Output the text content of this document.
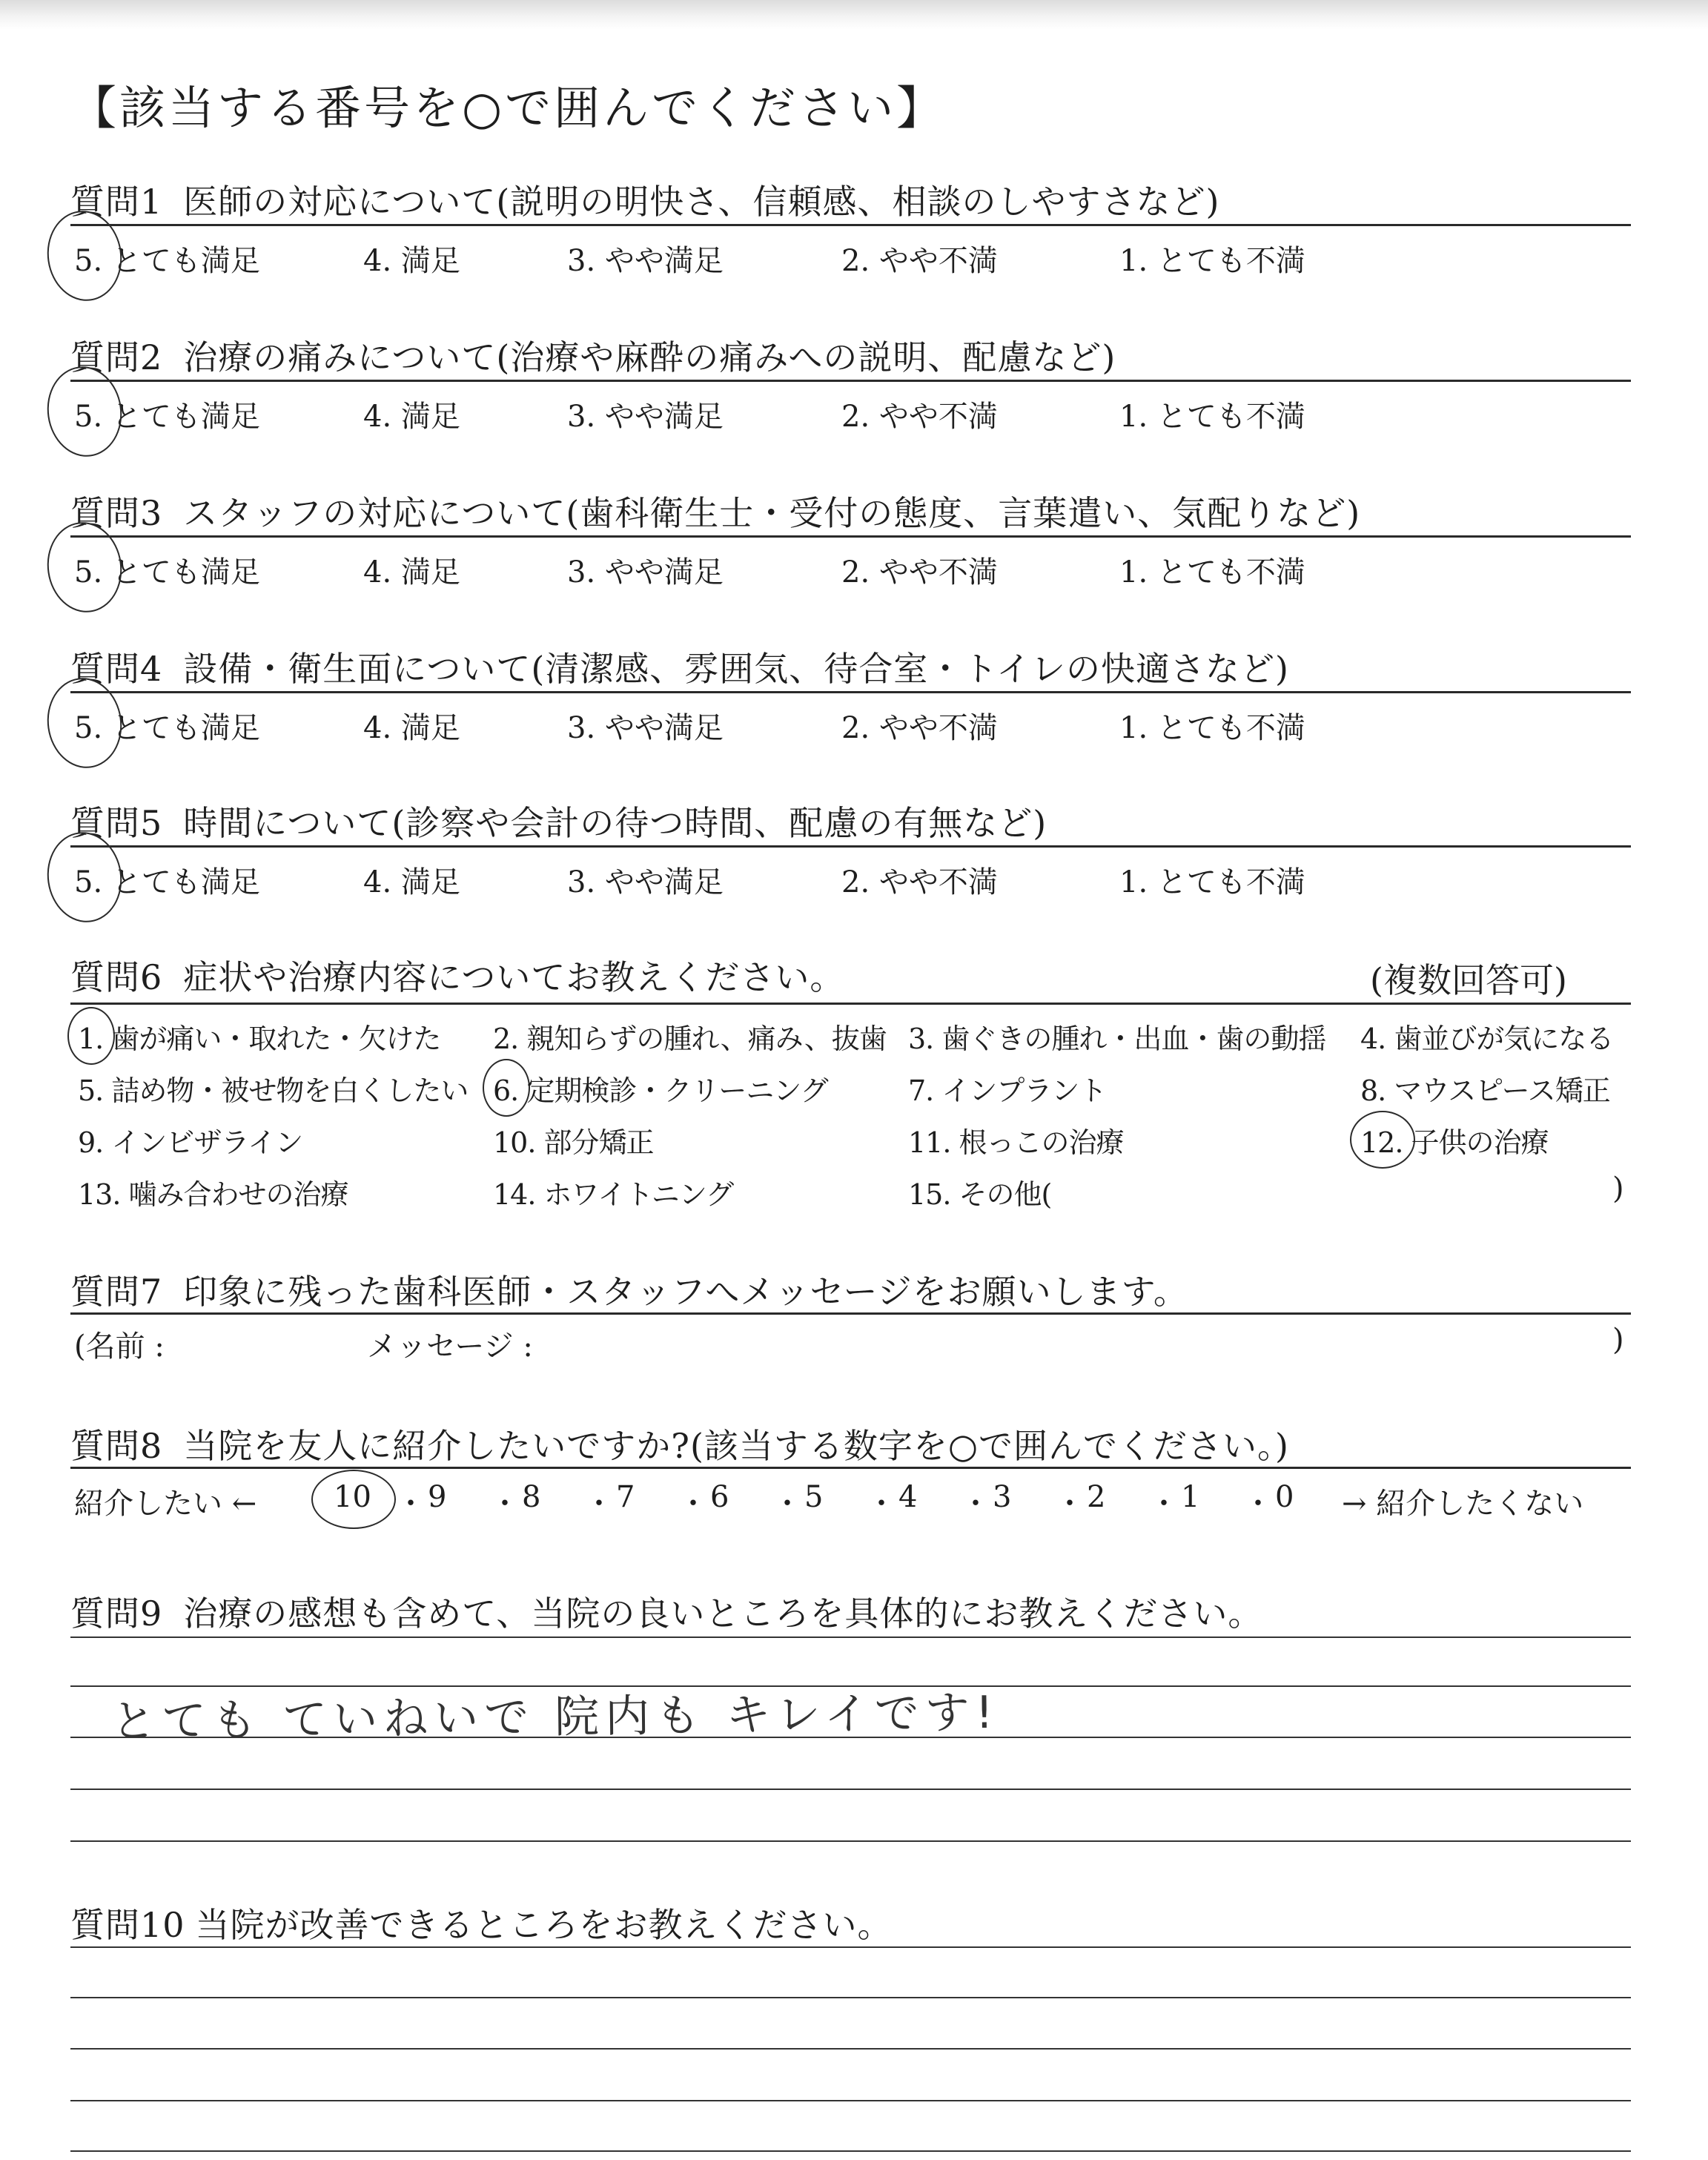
【該当する番号を○で囲んでください】
質問1 医師の対応について(説明の明快さ、信頼感、相談のしやすさなど)
5. とても満足	4. 満足	3. やや満足	2. やや不満	1. とても不満
質問2 治療の痛みについて(治療や麻酔の痛みへの説明、配慮など)
5. とても満足	4. 満足	3. やや満足	2. やや不満	1. とても不満
質問3 スタッフの対応について(歯科衛生士・受付の態度、言葉遣い、気配りなど)
5. とても満足	4. 満足	3. やや満足	2. やや不満	1. とても不満
質問4 設備・衛生面について(清潔感、雰囲気、待合室・トイレの快適さなど)
5. とても満足	4. 満足	3. やや満足	2. やや不満	1. とても不満
質問5 時間について(診察や会計の待つ時間、配慮の有無など)
5. とても満足	4. 満足	3. やや満足	2. やや不満	1. とても不満
質問6 症状や治療内容についてお教えください。	(複数回答可)
1. 歯が痛い・取れた・欠けた 2. 親知らずの腫れ、痛み、抜歯 3. 歯ぐきの腫れ・出血・歯の動揺 4. 歯並びが気になる
5. 詰め物・被せ物を白くしたい 6. 定期検診・クリーニング	7. インプラント	8. マウスピース矯正
9. インビザライン	10. 部分矯正	11. 根っこの治療	12. 子供の治療
13. 噛み合わせの治療	14. ホワイトニング	15. その他(	)
質問7 印象に残った歯科医師・スタッフへメッセージをお願いします。
(名前 :	メッセージ :	)
質問8 当院を友人に紹介したいですか?(該当する数字を○で囲んでください。)
紹介したい ←	→ 紹介したくない
10 ・ 9 ・ 8 ・ 7 ・ 6 ・ 5 ・ 4 ・ 3 ・ 2 ・ 1 ・ 0
質問9 治療の感想も含めて、当院の良いところを具体的にお教えください。
とても ていねいで 院内も キレイです!
質問10 当院が改善できるところをお教えください。
